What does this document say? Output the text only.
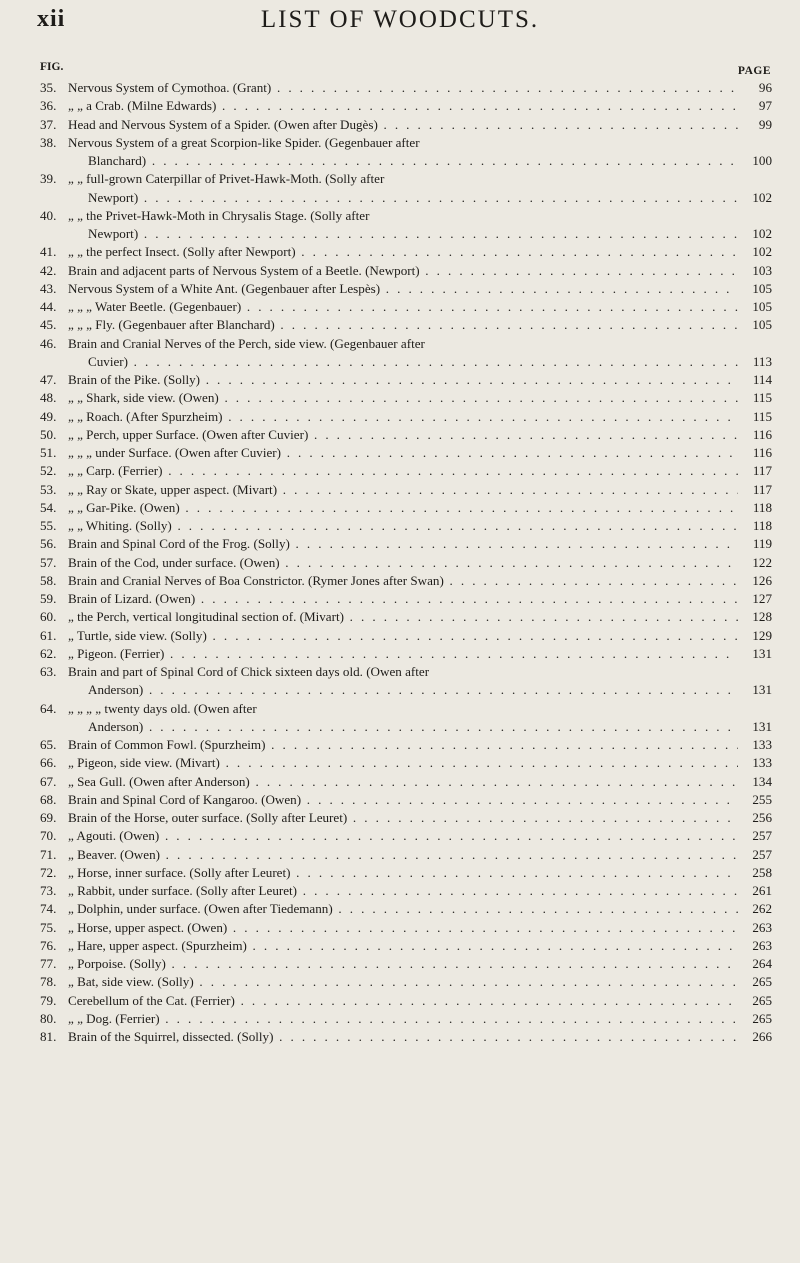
xii	LIST OF WOODCUTS.
FIG.	PAGE
35. Nervous System of Cymothoa. (Grant) . . .	96
36. „ „ a Crab. (Milne Edwards) . . .	97
37. Head and Nervous System of a Spider. (Owen after Dugès) . . .	99
38. Nervous System of a great Scorpion-like Spider. (Gegenbauer after
Blanchard) . . .	100
39. „ „ full-grown Caterpillar of Privet-Hawk-Moth. (Solly after
Newport) . . .	102
40. „ „ the Privet-Hawk-Moth in Chrysalis Stage. (Solly after
Newport) . . .	102
41. „ „ the perfect Insect. (Solly after Newport) . . .	102
42. Brain and adjacent parts of Nervous System of a Beetle. (Newport) . . .	103
43. Nervous System of a White Ant. (Gegenbauer after Lespès) . . .	105
44. „ „ „ Water Beetle. (Gegenbauer) . . .	105
45. „ „ „ Fly. (Gegenbauer after Blanchard) . . .	105
46. Brain and Cranial Nerves of the Perch, side view. (Gegenbauer after
Cuvier) . . .	113
47. Brain of the Pike. (Solly) . . .	114
48. „ „ Shark, side view. (Owen) . . .	115
49. „ „ Roach. (After Spurzheim) . . .	115
50. „ „ Perch, upper Surface. (Owen after Cuvier) . . .	116
51. „ „ „ under Surface. (Owen after Cuvier) . . .	116
52. „ „ Carp. (Ferrier) . . .	117
53. „ „ Ray or Skate, upper aspect. (Mivart) . . .	117
54. „ „ Gar-Pike. (Owen) . . .	118
55. „ „ Whiting. (Solly) . . .	118
56. Brain and Spinal Cord of the Frog. (Solly) . . .	119
57. Brain of the Cod, under surface. (Owen) . . .	122
58. Brain and Cranial Nerves of Boa Constrictor. (Rymer Jones after Swan) . . .	126
59. Brain of Lizard. (Owen) . . .	127
60. „ the Perch, vertical longitudinal section of. (Mivart) . . .	128
61. „ Turtle, side view. (Solly) . . .	129
62. „ Pigeon. (Ferrier) . . .	131
63. Brain and part of Spinal Cord of Chick sixteen days old. (Owen after
Anderson) . . .	131
64. „ „ „ „ twenty days old. (Owen after
Anderson) . . .	131
65. Brain of Common Fowl. (Spurzheim) . . .	133
66. „ Pigeon, side view. (Mivart) . . .	133
67. „ Sea Gull. (Owen after Anderson) . . .	134
68. Brain and Spinal Cord of Kangaroo. (Owen) . . .	255
69. Brain of the Horse, outer surface. (Solly after Leuret) . . .	256
70. „ Agouti. (Owen) . . .	257
71. „ Beaver. (Owen) . . .	257
72. „ Horse, inner surface. (Solly after Leuret) . . .	258
73. „ Rabbit, under surface. (Solly after Leuret) . . .	261
74. „ Dolphin, under surface. (Owen after Tiedemann) . . .	262
75. „ Horse, upper aspect. (Owen) . . .	263
76. „ Hare, upper aspect. (Spurzheim) . . .	263
77. „ Porpoise. (Solly) . . .	264
78. „ Bat, side view. (Solly) . . .	265
79. Cerebellum of the Cat. (Ferrier) . . .	265
80. „ „ Dog. (Ferrier) . . .	265
81. Brain of the Squirrel, dissected. (Solly) . . .	266
